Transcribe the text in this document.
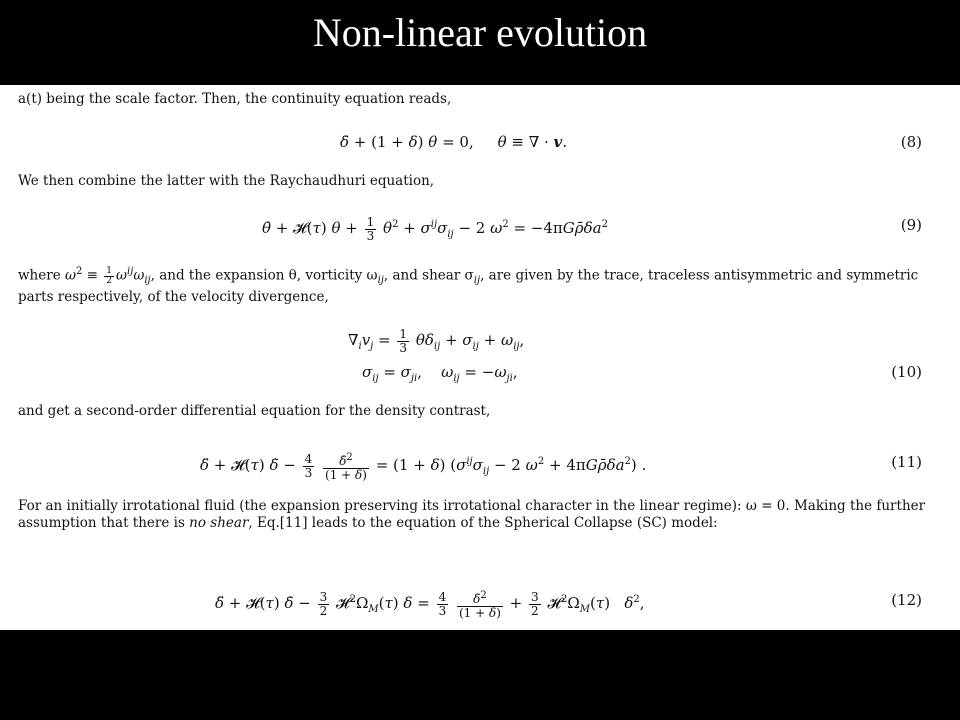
Non-linear evolution
a(t) being the scale factor. Then, the continuity equation reads,
δ̇ + (1 + δ) θ = 0,     θ ≡ ∇ · v.	(8)
We then combine the latter with the Raychaudhuri equation,
θ̇ + 𝓗(τ) $\theta + \frac{1}{3} \theta^2 + \sigma^{ij}\sigma_{ij} - 2$ $\omega^2$ = $-4\pi G\rhō\delta a^2$	(9)
where $\omega^2 \equiv \frac{1}{2} \omega^{ij}\omega_{ij}$, and the expansion θ, vorticity $\omega_{ij}$, and shear $\sigma_{ij}$, are given by the trace, traceless antisymmetric and symmetric parts respectively, of the velocity divergence,
$\nabla_iv_j = \frac{1}{3} \theta\delta_{ij} + \sigma_{ij} + \omega_{ij}$,
$\sigma_{ij} = \sigma_{ji}$,    $\omega_{ij} = -\omega_{ji}$,	(10)
and get a second-order differential equation for the density contrast,
δ̈ + 𝓗(τ) δ̇ − $\frac{4}{3}$
$\frac{\deltȧ^2}{(1 + \delta)} = (1 + \delta) (\sigma^{ij}\sigma_{ij} - 2$ $\omega^2$ + $4\pi G\rhō\delta a^2$) .	(11)
For an initially irrotational fluid (the expansion preserving its irrotational character in the linear regime): ω = 0. Making the further assumption that there is no shear, Eq.[11] leads to the equation of the Spherical Collapse (SC) model:
δ̈ + 𝓗(τ) δ̇ − $\frac{3}{2}$ $𝓗^2\Omega_M(\tau) \delta = \frac{4}{3}$
$\frac{\deltȧ^2}{(1 + \delta)} + \frac{3}{2}$ $𝓗^2\Omega_M(\tau)$   $\delta^2$,	(12)
